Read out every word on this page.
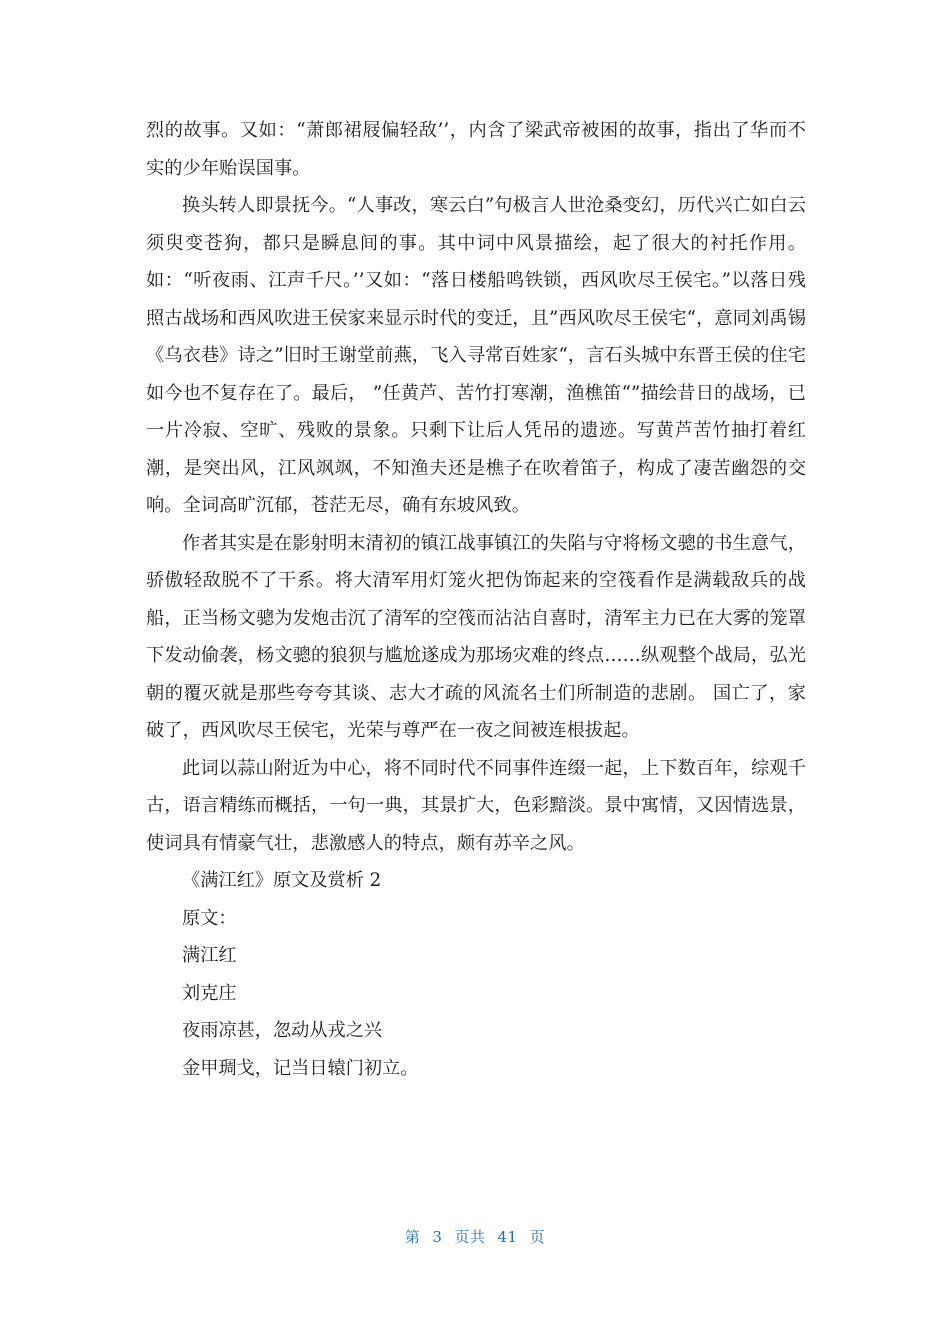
烈的故事。又如：“萧郎裙屐偏轻敌’’，内含了梁武帝被困的故事，指出了华而不实的少年贻误国事。

换头转人即景抚今。“人事改，寒云白”句极言人世沧桑变幻，历代兴亡如白云须臾变苍狗，都只是瞬息间的事。其中词中风景描绘，起了很大的衬托作用。如：“听夜雨、江声千尺。’’又如：“落日楼船鸣铁锁，西风吹尽王侯宅。”以落日残照古战场和西风吹进王侯家来显示时代的变迁，且”西风吹尽王侯宅“，意同刘禹锡《乌衣巷》诗之”旧时王谢堂前燕，飞入寻常百姓家“，言石头城中东晋王侯的住宅如今也不复存在了。最后， ”任黄芦、苦竹打寒潮，渔樵笛“”描绘昔日的战场，已一片冷寂、空旷、残败的景象。只剩下让后人凭吊的遗迹。写黄芦苦竹抽打着红潮，是突出风，江风飒飒，不知渔夫还是樵子在吹着笛子，构成了凄苦幽怨的交响。全词高旷沉郁，苍茫无尽，确有东坡风致。

作者其实是在影射明末清初的镇江战事镇江的失陷与守将杨文骢的书生意气，骄傲轻敌脱不了干系。将大清军用灯笼火把伪饰起来的空筏看作是满载敌兵的战船，正当杨文骢为发炮击沉了清军的空筏而沾沾自喜时，清军主力已在大雾的笼罩下发动偷袭，杨文骢的狼狈与尴尬遂成为那场灾难的终点……纵观整个战局，弘光朝的覆灭就是那些夸夸其谈、志大才疏的风流名士们所制造的悲剧。 国亡了，家破了，西风吹尽王侯宅，光荣与尊严在一夜之间被连根拔起。

此词以蒜山附近为中心，将不同时代不同事件连缀一起，上下数百年，综观千古，语言精练而概括，一句一典，其景扩大，色彩黯淡。景中寓情，又因情选景，使词具有情豪气壮，悲激感人的特点，颇有苏辛之风。

《满江红》原文及赏析 2

原文：

满江红

刘克庄

夜雨凉甚，忽动从戎之兴

金甲琱戈，记当日辕门初立。

第 3 页共 41 页
